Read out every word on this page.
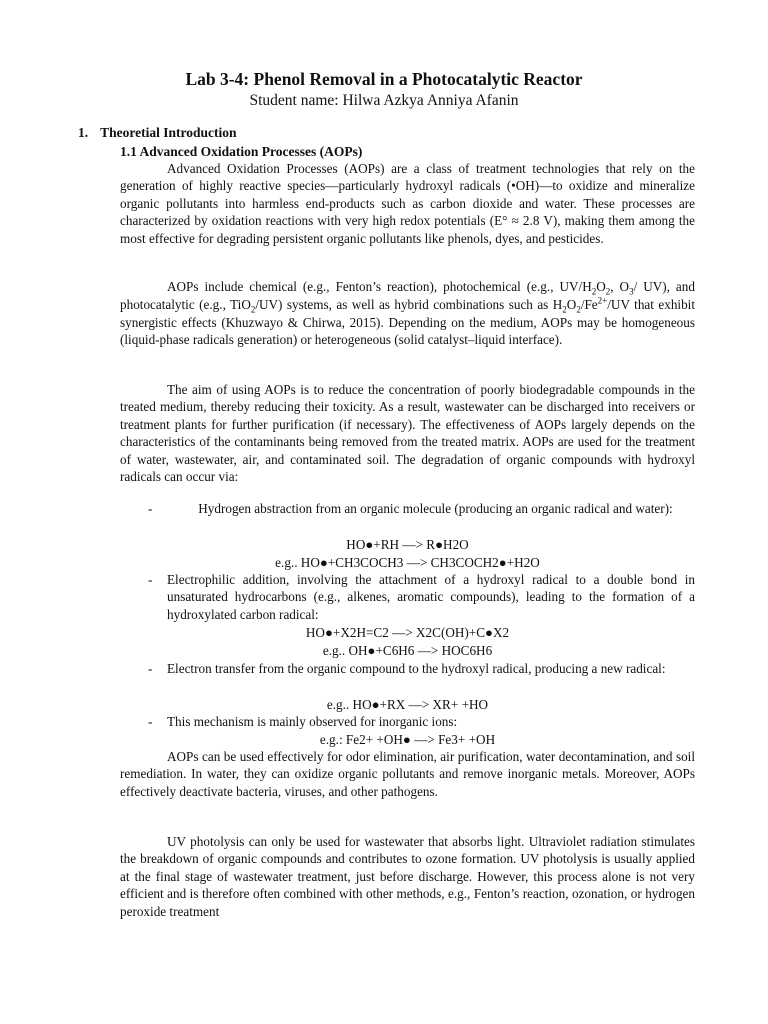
Lab 3-4: Phenol Removal in a Photocatalytic Reactor
Student name: Hilwa Azkya Anniya Afanin
1. Theoretial Introduction
1.1 Advanced Oxidation Processes (AOPs)

Advanced Oxidation Processes (AOPs) are a class of treatment technologies that rely on the generation of highly reactive species—particularly hydroxyl radicals (•OH)—to oxidize and mineralize organic pollutants into harmless end-products such as carbon dioxide and water. These processes are characterized by oxidation reactions with very high redox potentials (E° ≈ 2.8 V), making them among the most effective for degrading persistent organic pollutants like phenols, dyes, and pesticides.

AOPs include chemical (e.g., Fenton’s reaction), photochemical (e.g., $UV/H_2O_2$, $O_3/$ UV), and photocatalytic (e.g., TiO$_2$/UV) systems, as well as hybrid combinations such as $H_2O_2/Fe^{2+}/UV$ that exhibit synergistic effects (Khuzwayo & Chirwa, 2015). Depending on the medium, AOPs may be homogeneous (liquid-phase radicals generation) or heterogeneous (solid catalyst–liquid interface).

The aim of using AOPs is to reduce the concentration of poorly biodegradable compounds in the treated medium, thereby reducing their toxicity. As a result, wastewater can be discharged into receivers or treatment plants for further purification (if necessary). The effectiveness of AOPs largely depends on the characteristics of the contaminants being removed from the treated matrix. AOPs are used for the treatment of water, wastewater, air, and contaminated soil. The degradation of organic compounds with hydroxyl radicals can occur via:

-	Hydrogen abstraction from an organic molecule (producing an organic radical and water):
HO●+RH —> R●H2O
e.g.. HO●+CH3COCH3 —> CH3COCH2●+H2O
- Electrophilic addition, involving the attachment of a hydroxyl radical to a double bond in unsaturated hydrocarbons (e.g., alkenes, aromatic compounds), leading to the formation of a hydroxylated carbon radical:
HO●+X2H=C2 —> X2C(OH)+C●X2
e.g.. OH●+C6H6 —> HOC6H6
- Electron transfer from the organic compound to the hydroxyl radical, producing a new radical:
e.g.. HO●+RX —> XR+ +HO
- This mechanism is mainly observed for inorganic ions:
e.g.: Fe2+ +OH● —> Fe3+ +OH

AOPs can be used effectively for odor elimination, air purification, water decontamination, and soil remediation. In water, they can oxidize organic pollutants and remove inorganic metals. Moreover, AOPs effectively deactivate bacteria, viruses, and other pathogens.

UV photolysis can only be used for wastewater that absorbs light. Ultraviolet radiation stimulates the breakdown of organic compounds and contributes to ozone formation. UV photolysis is usually applied at the final stage of wastewater treatment, just before discharge. However, this process alone is not very efficient and is therefore often combined with other methods, e.g., Fenton’s reaction, ozonation, or hydrogen peroxide treatment
